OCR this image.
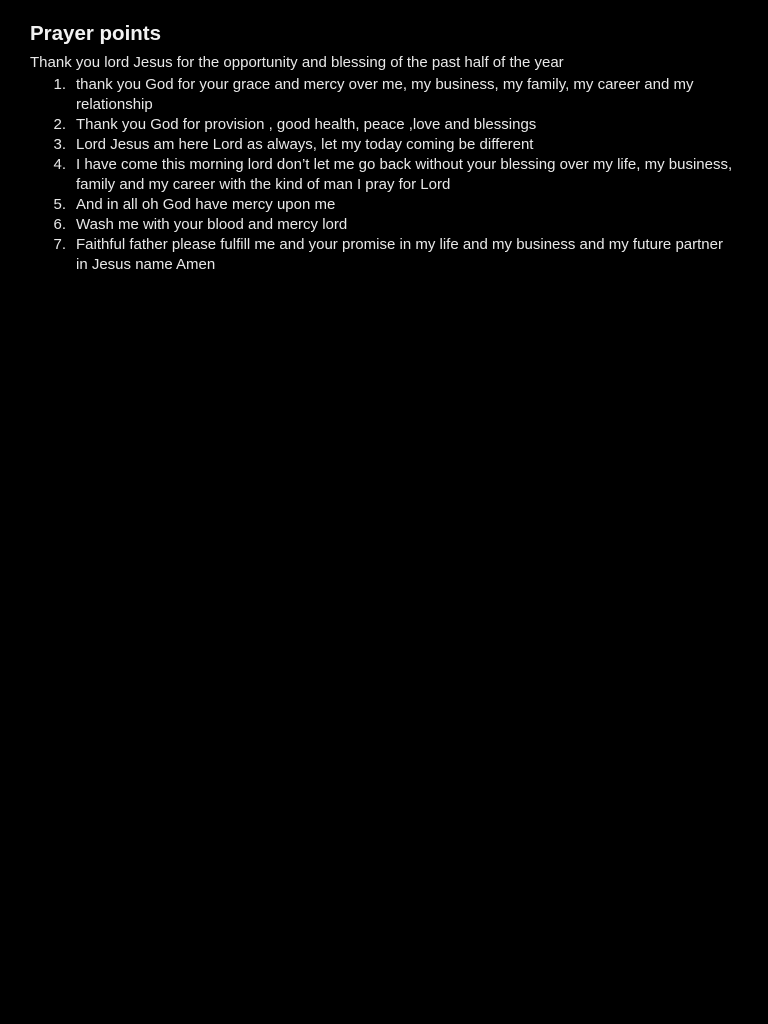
Prayer points
Thank you lord Jesus for the opportunity and blessing of the past half of the year
1. thank you God for your grace and mercy over me, my business, my family, my career and my relationship
2. Thank you God for provision , good health, peace ,love and blessings
3. Lord Jesus am here Lord as always, let my today coming be different
4. I have come this morning lord don’t let me go back without your blessing over my life, my business, family and my career with the kind of man I pray for Lord
5. And in all oh God have mercy upon me
6. Wash me with your blood and mercy lord
7. Faithful father please fulfill me and your promise in my life and my business and my future partner in Jesus name Amen
